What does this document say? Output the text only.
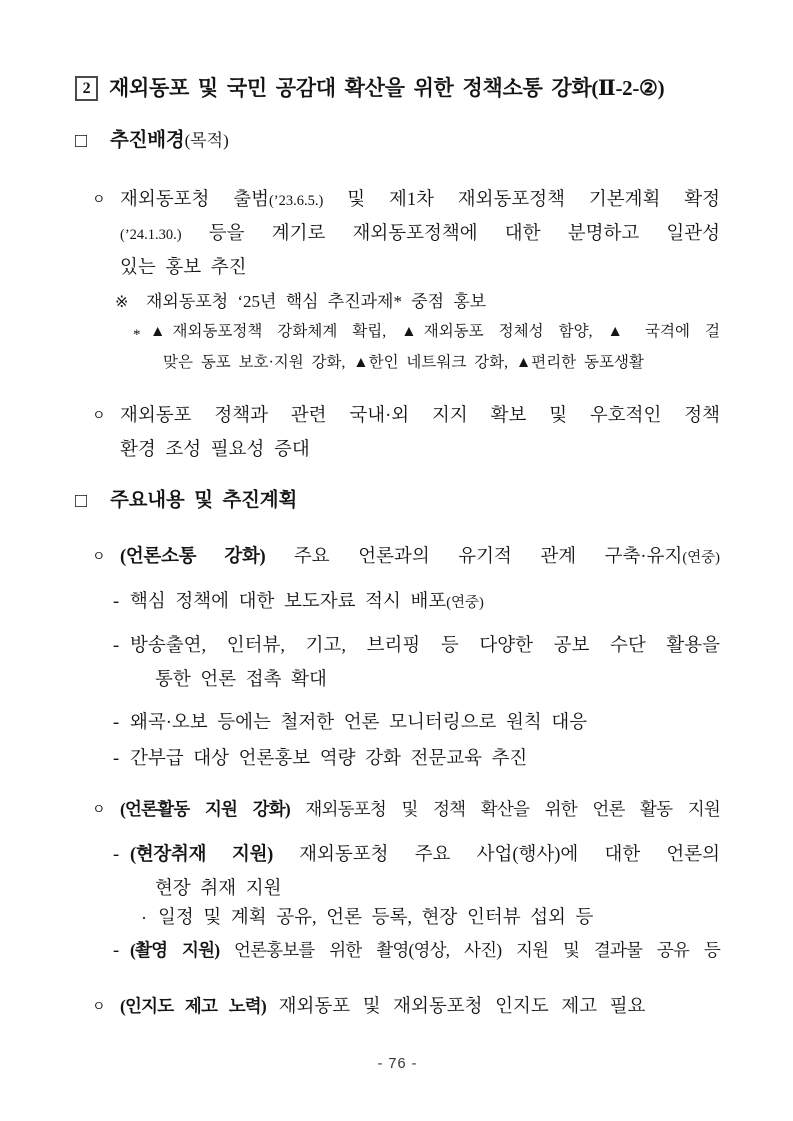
2 재외동포 및 국민 공감대 확산을 위한 정책소통 강화(Ⅱ-2-②)
□ 추진배경(목적)
ㅇ 재외동포청 출범(’23.6.5.) 및 제1차 재외동포정책 기본계획 확정
(’24.1.30.) 등을 계기로 재외동포정책에 대한 분명하고 일관성
있는 홍보 추진
※ 재외동포청 ‘25년 핵심 추진과제* 중점 홍보
* ▲재외동포정책 강화체계 확립, ▲재외동포 정체성 함양, ▲ 국격에 걸
맞은 동포 보호·지원 강화, ▲한인 네트워크 강화, ▲편리한 동포생활
ㅇ 재외동포 정책과 관련 국내·외 지지 확보 및 우호적인 정책
환경 조성 필요성 증대
□ 주요내용 및 추진계획
ㅇ (언론소통 강화) 주요 언론과의 유기적 관계 구축·유지(연중)
- 핵심 정책에 대한 보도자료 적시 배포(연중)
- 방송출연, 인터뷰, 기고, 브리핑 등 다양한 공보 수단 활용을
통한 언론 접촉 확대
- 왜곡·오보 등에는 철저한 언론 모니터링으로 원칙 대응
- 간부급 대상 언론홍보 역량 강화 전문교육 추진
ㅇ (언론활동 지원 강화) 재외동포청 및 정책 확산을 위한 언론 활동 지원
- (현장취재 지원) 재외동포청 주요 사업(행사)에 대한 언론의
현장 취재 지원
· 일정 및 계획 공유, 언론 등록, 현장 인터뷰 섭외 등
- (촬영 지원) 언론홍보를 위한 촬영(영상, 사진) 지원 및 결과물 공유 등
ㅇ (인지도 제고 노력) 재외동포 및 재외동포청 인지도 제고 필요
- 76 -
